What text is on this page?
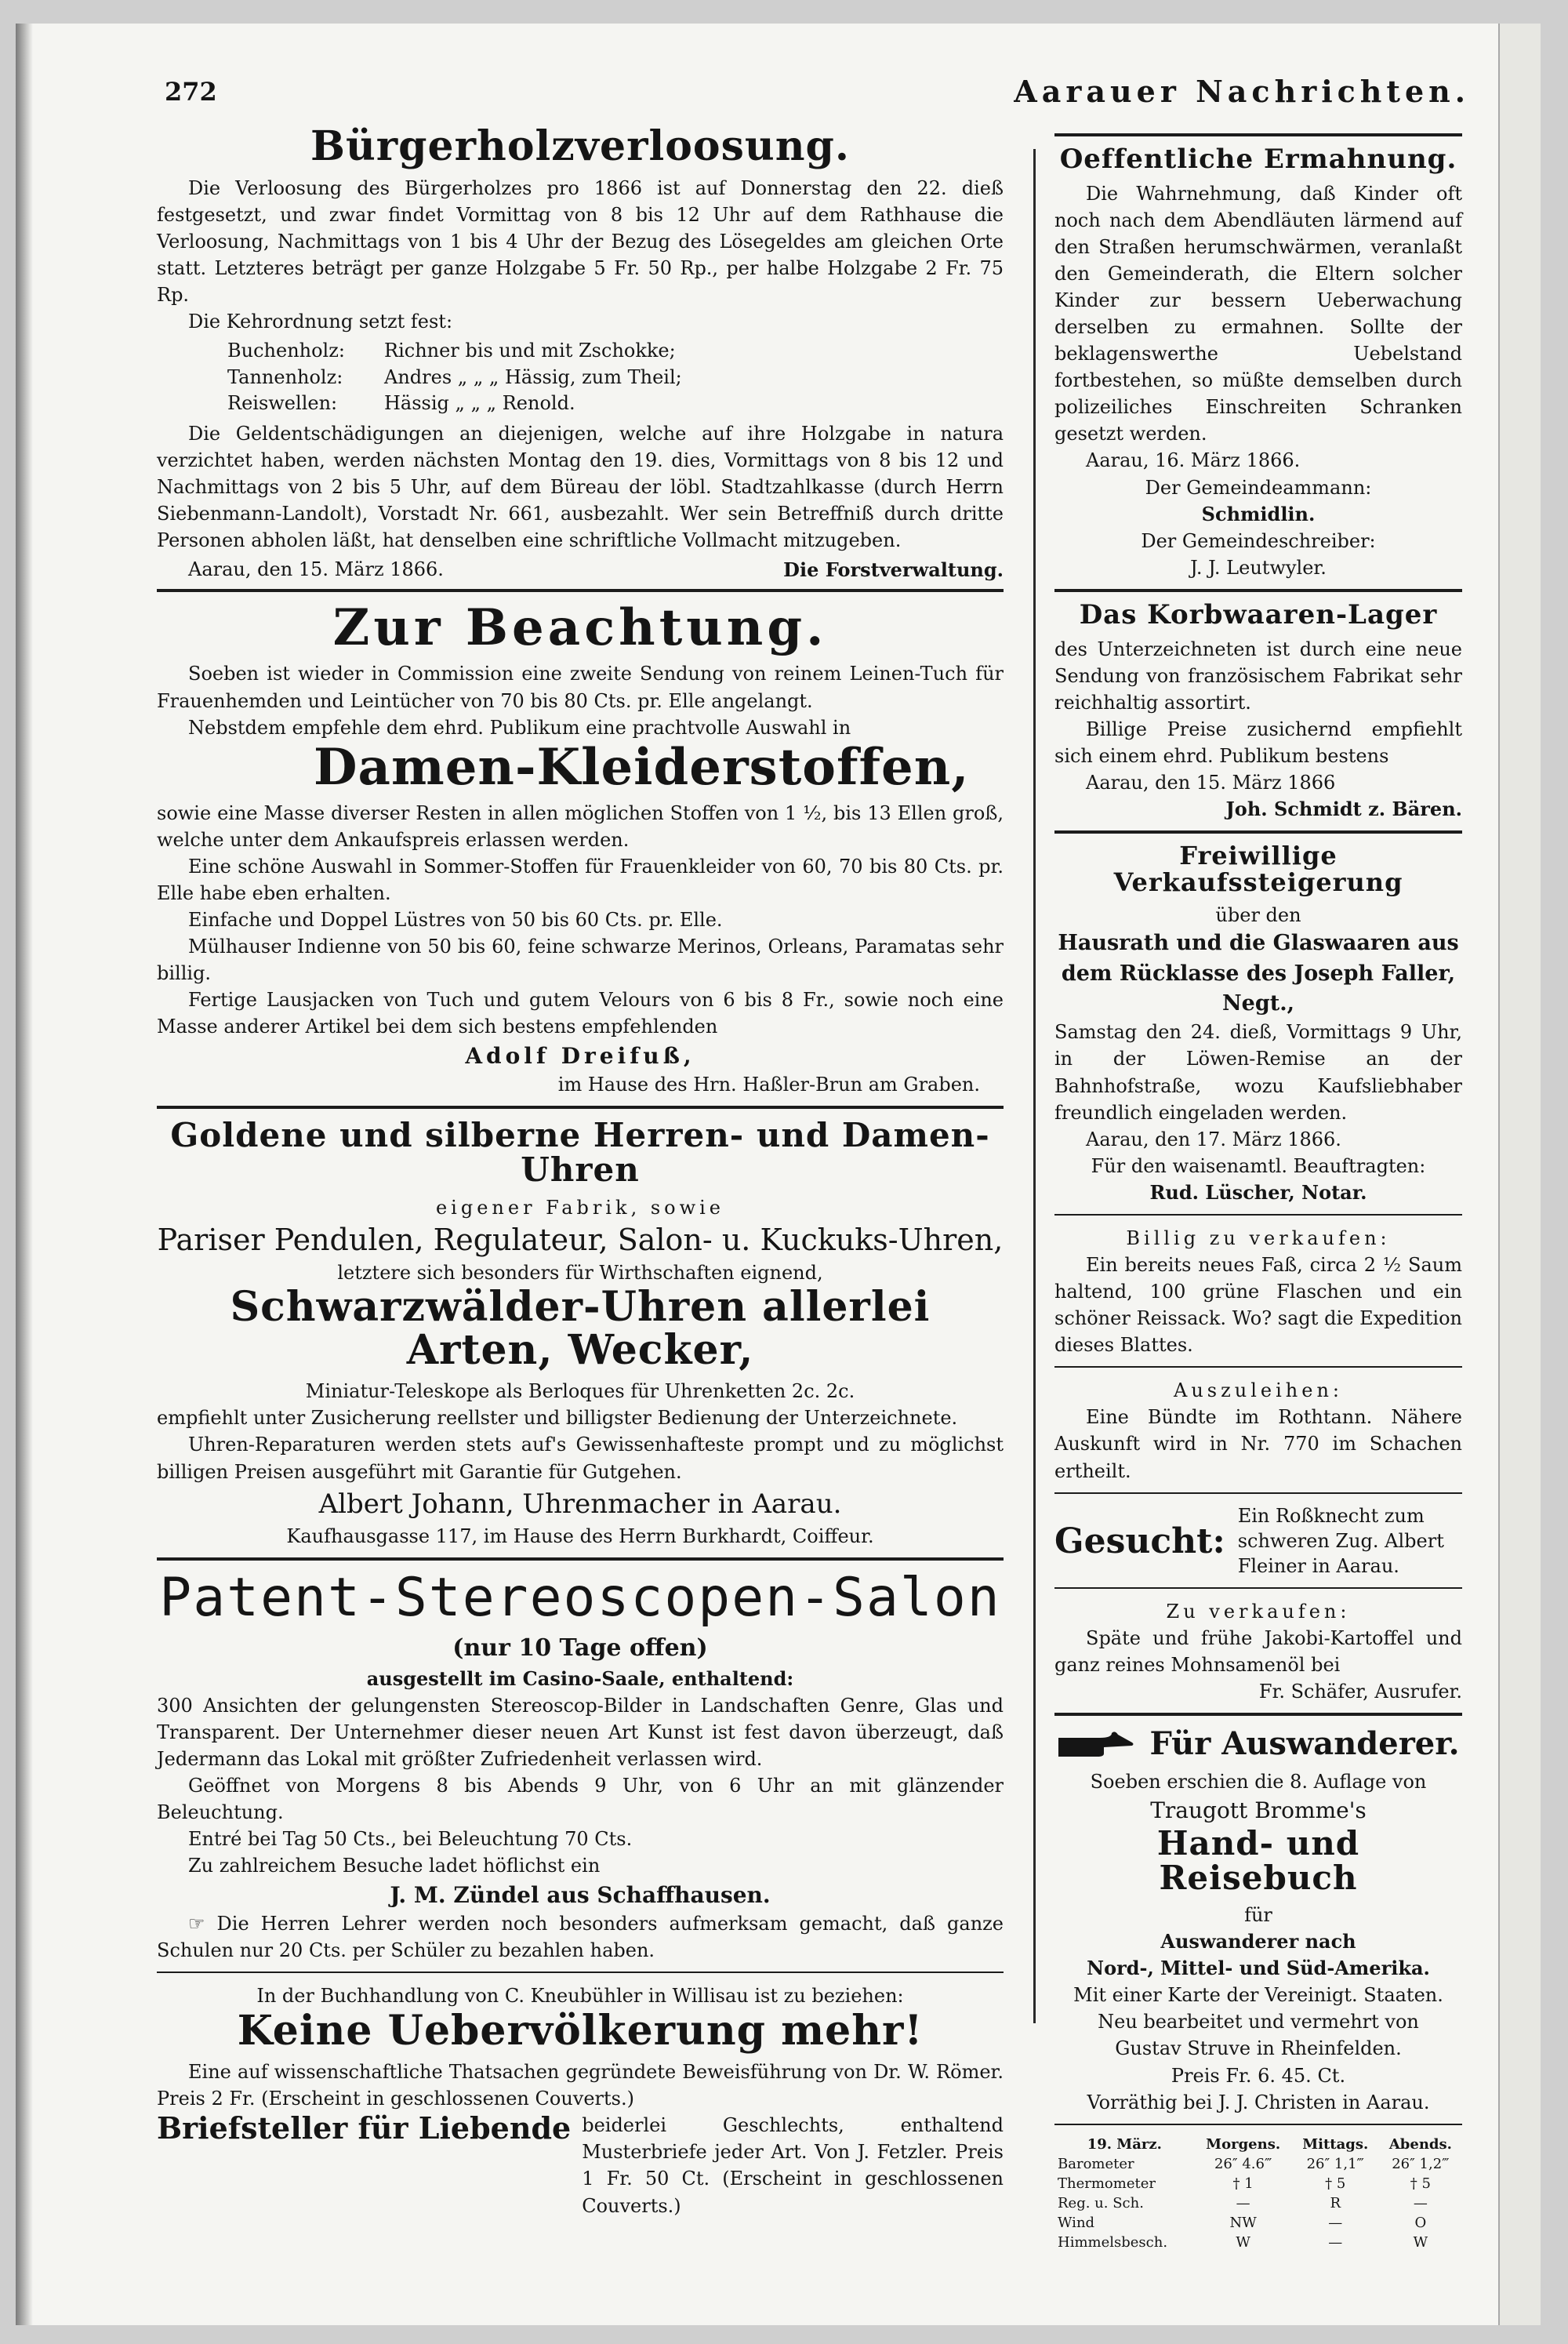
272	Aarauer Nachrichten.
Bürgerholzverloosung.

Die Verloosung des Bürgerholzes pro 1866 ist auf Donnerstag den 22. dieß festgesetzt, und zwar findet Vormittag von 8 bis 12 Uhr auf dem Rathhause die Verloosung, Nachmittags von 1 bis 4 Uhr der Bezug des Lösegeldes am gleichen Orte statt. Letzteres beträgt per ganze Holzgabe 5 Fr. 50 Rp., per halbe Holzgabe 2 Fr. 75 Rp.

Die Kehrordnung setzt fest:

Buchenholz: Richner bis und mit Zschokke;
Tannenholz: Andres „ „ „ Hässig, zum Theil;
Reiswellen: Hässig „ „ „ Renold.

Die Geldentschädigungen an diejenigen, welche auf ihre Holzgabe in natura verzichtet haben, werden nächsten Montag den 19. dies, Vormittags von 8 bis 12 und Nachmittags von 2 bis 5 Uhr, auf dem Büreau der löbl. Stadtzahlkasse (durch Herrn Siebenmann-Landolt), Vorstadt Nr. 661, ausbezahlt. Wer sein Betreffniß durch dritte Personen abholen läßt, hat denselben eine schriftliche Vollmacht mitzugeben.

Aarau, den 15. März 1866.	Die Forstverwaltung.
Zur Beachtung.

Soeben ist wieder in Commission eine zweite Sendung von reinem Leinen-Tuch für Frauenhemden und Leintücher von 70 bis 80 Cts. pr. Elle angelangt.

Nebstdem empfehle dem ehrd. Publikum eine prachtvolle Auswahl in

Damen-Kleiderstoffen,

sowie eine Masse diverser Resten in allen möglichen Stoffen von 1 ½, bis 13 Ellen groß, welche unter dem Ankaufspreis erlassen werden.

Eine schöne Auswahl in Sommer-Stoffen für Frauenkleider von 60, 70 bis 80 Cts. pr. Elle habe eben erhalten.

Einfache und Doppel Lüstres von 50 bis 60 Cts. pr. Elle.

Mülhauser Indienne von 50 bis 60, feine schwarze Merinos, Orleans, Paramatas sehr billig.

Fertige Lausjacken von Tuch und gutem Velours von 6 bis 8 Fr., sowie noch eine Masse anderer Artikel bei dem sich bestens empfehlenden

Adolf Dreifuß,

im Hause des Hrn. Haßler-Brun am Graben.

Goldene und silberne Herren- und Damen-Uhren

eigener Fabrik, sowie

Pariser Pendulen, Regulateur, Salon- u. Kuckuks-Uhren,

letztere sich besonders für Wirthschaften eignend,

Schwarzwälder-Uhren allerlei Arten, Wecker,

Miniatur-Teleskope als Berloques für Uhrenketten 2c. 2c.

empfiehlt unter Zusicherung reellster und billigster Bedienung der Unterzeichnete.

Uhren-Reparaturen werden stets auf's Gewissenhafteste prompt und zu möglichst billigen Preisen ausgeführt mit Garantie für Gutgehen.

Albert Johann, Uhrenmacher in Aarau.

Kaufhausgasse 117, im Hause des Herrn Burkhardt, Coiffeur.

Patent-Stereoscopen-Salon

(nur 10 Tage offen)

ausgestellt im Casino-Saale, enthaltend:

300 Ansichten der gelungensten Stereoscop-Bilder in Landschaften Genre, Glas und Transparent. Der Unternehmer dieser neuen Art Kunst ist fest davon überzeugt, daß Jedermann das Lokal mit größter Zufriedenheit verlassen wird.

Geöffnet von Morgens 8 bis Abends 9 Uhr, von 6 Uhr an mit glänzender Beleuchtung.

Entré bei Tag 50 Cts., bei Beleuchtung 70 Cts.

Zu zahlreichem Besuche ladet höflichst ein

J. M. Zündel aus Schaffhausen.

☞ Die Herren Lehrer werden noch besonders aufmerksam gemacht, daß ganze Schulen nur 20 Cts. per Schüler zu bezahlen haben.

In der Buchhandlung von C. Kneubühler in Willisau ist zu beziehen:

Keine Uebervölkerung mehr!

Eine auf wissenschaftliche Thatsachen gegründete Beweisführung von Dr. W. Römer. Preis 2 Fr. (Erscheint in geschlossenen Couverts.)

Briefsteller für Liebende beiderlei Geschlechts, enthaltend Musterbriefe jeder Art. Von J. Fetzler. Preis 1 Fr. 50 Ct. (Erscheint in geschlossenen Couverts.)

Oeffentliche Ermahnung.

Die Wahrnehmung, daß Kinder oft noch nach dem Abendläuten lärmend auf den Straßen herumschwärmen, veranlaßt den Gemeinderath, die Eltern solcher Kinder zur bessern Ueberwachung derselben zu ermahnen. Sollte der beklagenswerthe Uebelstand fortbestehen, so müßte demselben durch polizeiliches Einschreiten Schranken gesetzt werden.

Aarau, 16. März 1866.

Der Gemeindeammann:

Schmidlin.

Der Gemeindeschreiber:

J. J. Leutwyler.

Das Korbwaaren-Lager

des Unterzeichneten ist durch eine neue Sendung von französischem Fabrikat sehr reichhaltig assortirt.

Billige Preise zusichernd empfiehlt sich einem ehrd. Publikum bestens

Aarau, den 15. März 1866

Joh. Schmidt z. Bären.

Freiwillige Verkaufssteigerung

über den

Hausrath und die Glaswaaren aus dem Rücklasse des Joseph Faller, Negt.,

Samstag den 24. dieß, Vormittags 9 Uhr, in der Löwen-Remise an der Bahnhofstraße, wozu Kaufsliebhaber freundlich eingeladen werden.

Aarau, den 17. März 1866.

Für den waisenamtl. Beauftragten:

Rud. Lüscher, Notar.

Billig zu verkaufen:

Ein bereits neues Faß, circa 2 ½ Saum haltend, 100 grüne Flaschen und ein schöner Reissack. Wo? sagt die Expedition dieses Blattes.

Auszuleihen:

Eine Bündte im Rothtann. Nähere Auskunft wird in Nr. 770 im Schachen ertheilt.

Gesucht:
Ein Roßknecht zum schweren Zug. Albert Fleiner in Aarau.

Zu verkaufen:

Späte und frühe Jakobi-Kartoffel und ganz reines Mohnsamenöl bei

Fr. Schäfer, Ausrufer.

Für Auswanderer.

Soeben erschien die 8. Auflage von

Traugott Bromme's

Hand- und Reisebuch

für

Auswanderer nach

Nord-, Mittel- und Süd-Amerika.

Mit einer Karte der Vereinigt. Staaten.

Neu bearbeitet und vermehrt von

Gustav Struve in Rheinfelden.

Preis Fr. 6. 45. Ct.

Vorräthig bei J. J. Christen in Aarau.

19. März.	Morgens.	Mittags.	Abends.
Barometer	26″ 4.6‴	26″ 1,1‴	26″ 1,2‴
Thermometer	† 1	† 5	† 5
Reg. u. Sch.	—	R	—
Wind	NW	—	O
Himmelsbesch.	W	—	W
